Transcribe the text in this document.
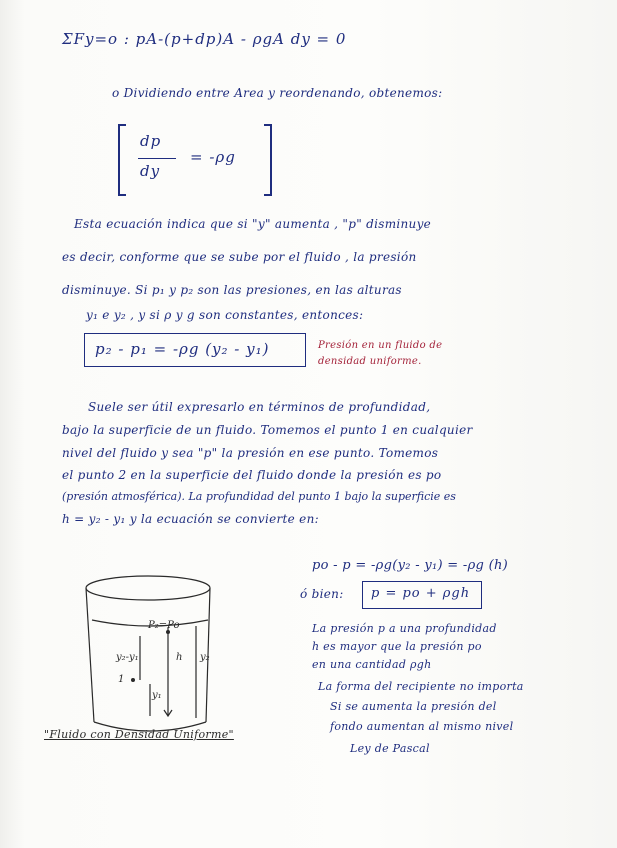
ΣFy=o : pA-(p+dp)A - ρgA dy = 0
o Dividiendo entre Area y reordenando, obtenemos:
dp
dy
= -ρg
Esta ecuación indica que si "y" aumenta , "p" disminuye
es decir, conforme que se sube por el fluido , la presión
disminuye. Si p₁ y p₂ son las presiones, en las alturas
y₁ e y₂ , y si ρ y g son constantes, entonces:
p₂ - p₁ = -ρg (y₂ - y₁)	Presión en un fluido de
densidad uniforme.
Suele ser útil expresarlo en términos de profundidad,
bajo la superficie de un fluido. Tomemos el punto 1 en cualquier
nivel del fluido y sea "p" la presión en ese punto. Tomemos
el punto 2 en la superficie del fluido donde la presión es po
(presión atmosférica). La profundidad del punto 1 bajo la superficie es
h = y₂ - y₁ y la ecuación se convierte en:
po - p = -ρg(y₂ - y₁) = -ρg (h)
ó bien: p = po + ρgh
La presión p a una profundidad
h es mayor que la presión po
en una cantidad ρgh
La forma del recipiente no importa
Si se aumenta la presión del
fondo aumentan al mismo nivel
Ley de Pascal
P₂=Po
y₂-y₁	h y₂
1
y₁
"Fluido con Densidad Uniforme"
